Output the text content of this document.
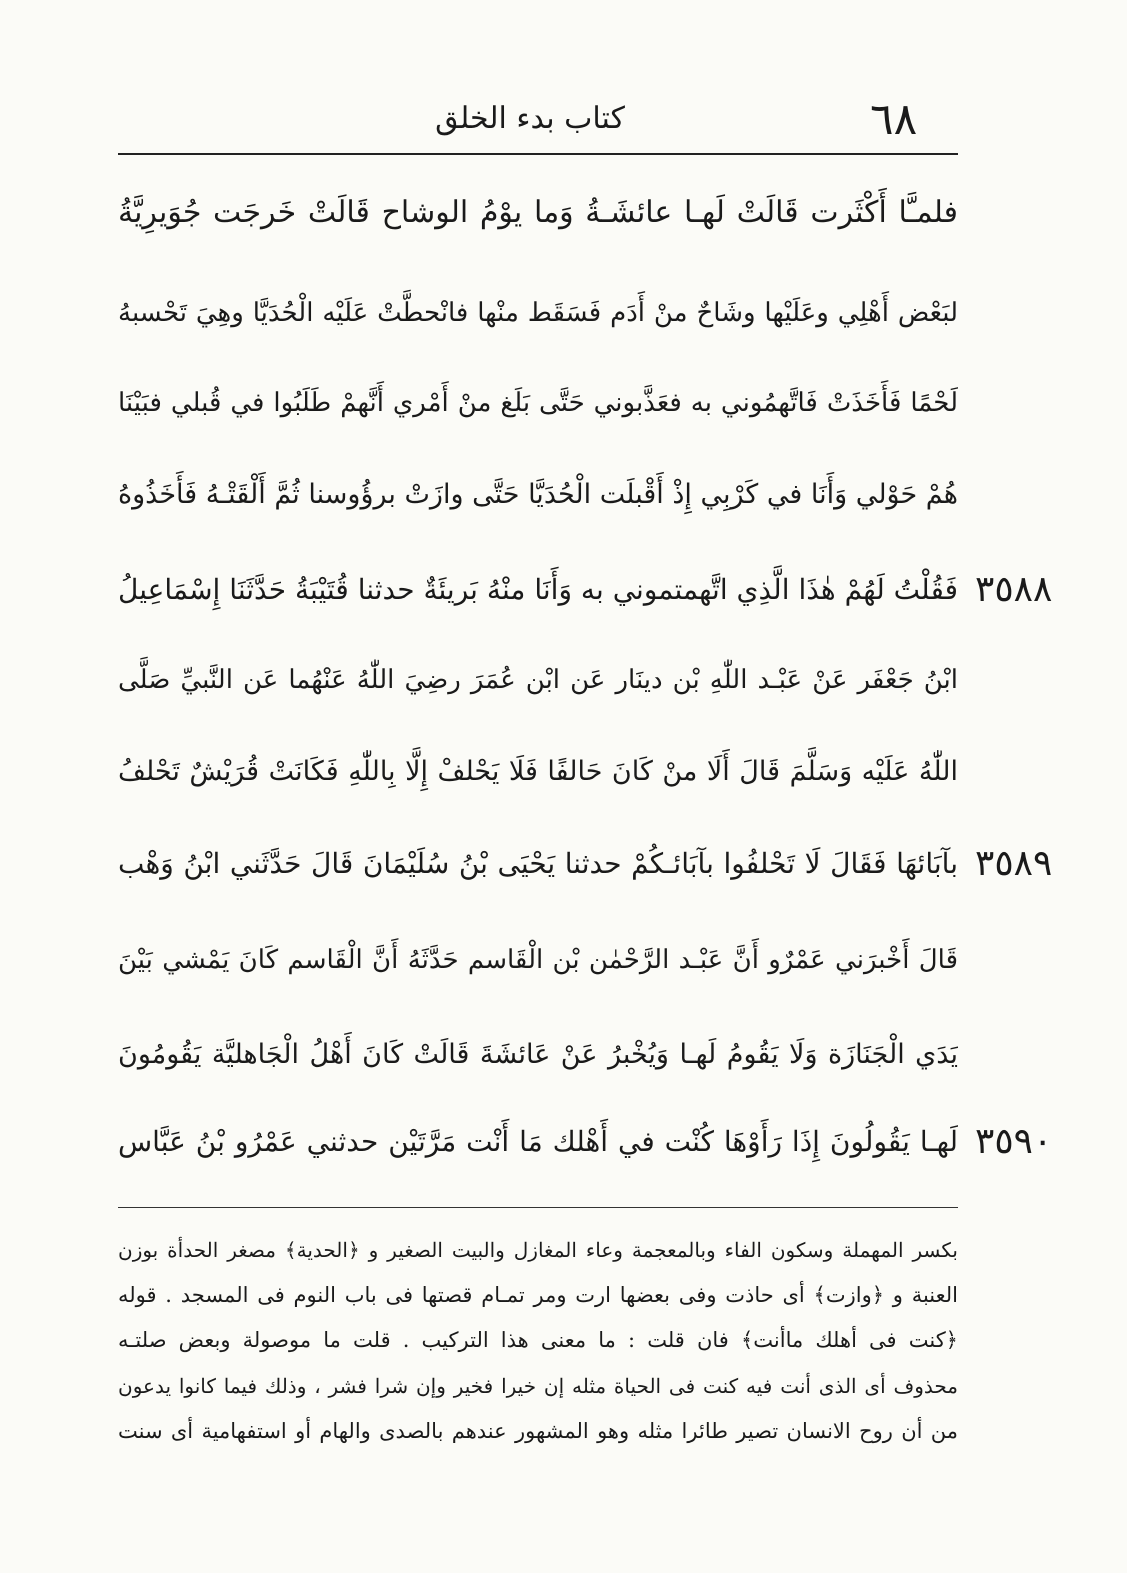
٦٨
كتاب بدء الخلق
فلمـَّا أَكْثَرت قَالَتْ لَهـا عائشَـةُ وَما يوْمُ الوشاح قَالَتْ خَرجَت جُوَيرِيَّةُ
لبَعْض أَهْلِي وعَلَيْها وشَاحٌ منْ أَدَم فَسَقَط منْها فانْحطَّتْ عَلَيْه الْحُدَيَّا وهِيَ تَحْسبهُ
لَحْمًا فَأَخَذَتْ فَاتَّهمُوني به فعَذَّبوني حَتَّى بَلَغ منْ أَمْري أَنَّهمْ طَلَبُوا في قُبلي فبَيْنَا
هُمْ حَوْلي وَأَنَا في كَرْبِي إِذْ أَقْبلَت الْحُدَيَّا حَتَّى وازَتْ برؤُوسنا ثُمَّ أَلْقَتْـهُ فَأَخَذُوهُ
فَقُلْتُ لَهُمْ هٰذَا الَّذِي اتَّهمتموني به وَأَنَا منْهُ بَريئَةٌ حدثنا قُتَيْبَةُ حَدَّثَنَا إِسْمَاعِيلُ ٣٥٨٨
ابْنُ جَعْفَر عَنْ عَبْـد اللّٰهِ بْن دينَار عَن ابْن عُمَرَ رضِيَ اللّٰهُ عَنْهُما عَن النَّبيِّ صَلَّى
اللّٰهُ عَلَيْه وَسَلَّمَ قَالَ أَلَا منْ كَانَ حَالفًا فَلَا يَحْلفْ إِلَّا بِاللّٰهِ فَكَانَتْ قُرَيْشٌ تَحْلفُ
بآبَائهَا فَقَالَ لَا تَحْلفُوا بآبَائـكُمْ حدثنا يَحْيَى بْنُ سُلَيْمَانَ قَالَ حَدَّثَني ابْنُ وَهْب ٣٥٨٩
قَالَ أَخْبرَني عَمْرٌو أَنَّ عَبْـد الرَّحْمٰن بْن الْقَاسم حَدَّثَهُ أَنَّ الْقَاسم كَانَ يَمْشي بَيْنَ
يَدَي الْجَنَازَة وَلَا يَقُومُ لَهـا وَيُخْبرُ عَنْ عَائشَةَ قَالَتْ كَانَ أَهْلُ الْجَاهليَّة يَقُومُونَ
لَهـا يَقُولُونَ إِذَا رَأَوْهَا كُنْت في أَهْلك مَا أَنْت مَرَّتَيْن حدثني عَمْرُو بْنُ عَبَّاس ٣٥٩٠
بكسر المهملة وسكون الفاء وبالمعجمة وعاء المغازل والبيت الصغير و ﴿الحدية﴾ مصغر الحدأة بوزن
العنبة و ﴿وازت﴾ أى حاذت وفى بعضها ارت ومر تمـام قصتها فى باب النوم فى المسجد . قوله
﴿كنت فى أهلك ماأنت﴾ فان قلت : ما معنى هذا التركيب . قلت ما موصولة وبعض صلتـه
محذوف أى الذى أنت فيه كنت فى الحياة مثله إن خيرا فخير وإن شرا فشر ، وذلك فيما كانوا يدعون
من أن روح الانسان تصير طائرا مثله وهو المشهور عندهم بالصدى والهام أو استفهامية أى سنت
